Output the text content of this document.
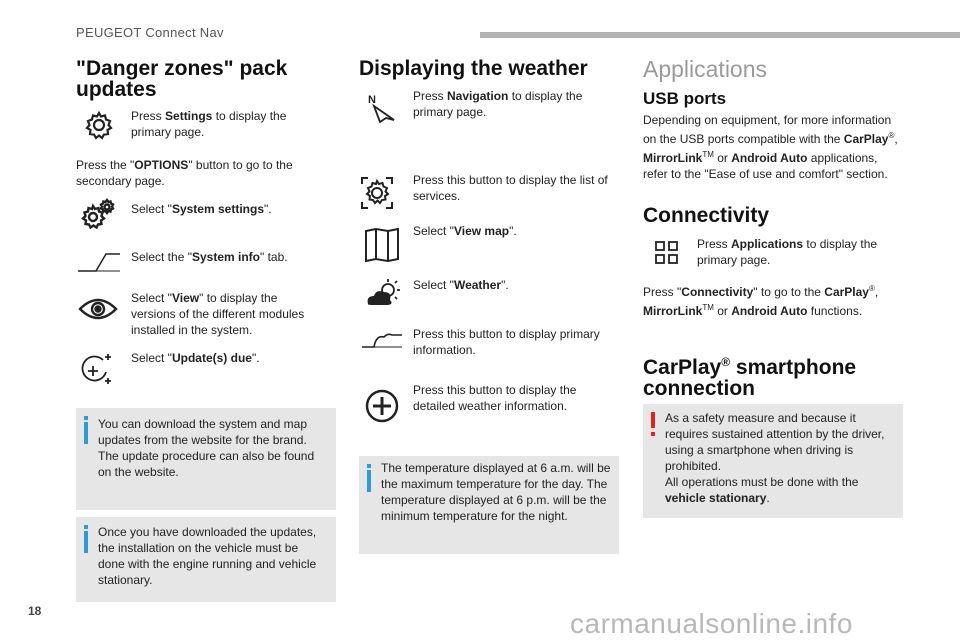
PEUGEOT Connect Nav
"Danger zones" pack
updates
Press Settings to display the primary page.
Press the "OPTIONS" button to go to the secondary page.
Select "System settings".
Select the "System info" tab.
Select "View" to display the versions of the different modules installed in the system.
Select "Update(s) due".
You can download the system and map updates from the website for the brand. The update procedure can also be found on the website.
Once you have downloaded the updates, the installation on the vehicle must be done with the engine running and vehicle stationary.
Displaying the weather
N	Press Navigation to display the primary page.
Press this button to display the list of services.
Select "View map".
Select "Weather".
Press this button to display primary information.
Press this button to display the detailed weather information.
The temperature displayed at 6 a.m. will be the maximum temperature for the day. The temperature displayed at 6 p.m. will be the minimum temperature for the night.
Applications
USB ports
Depending on equipment, for more information on the USB ports compatible with the CarPlay®, MirrorLink™ or Android Auto applications, refer to the "Ease of use and comfort" section.
Connectivity
Press Applications to display the primary page.
Press "Connectivity" to go to the CarPlay®, MirrorLink™ or Android Auto functions.
CarPlay® smartphone
connection
As a safety measure and because it requires sustained attention by the driver, using a smartphone when driving is prohibited.
All operations must be done with the vehicle stationary.
18	carmanualsonline.info
